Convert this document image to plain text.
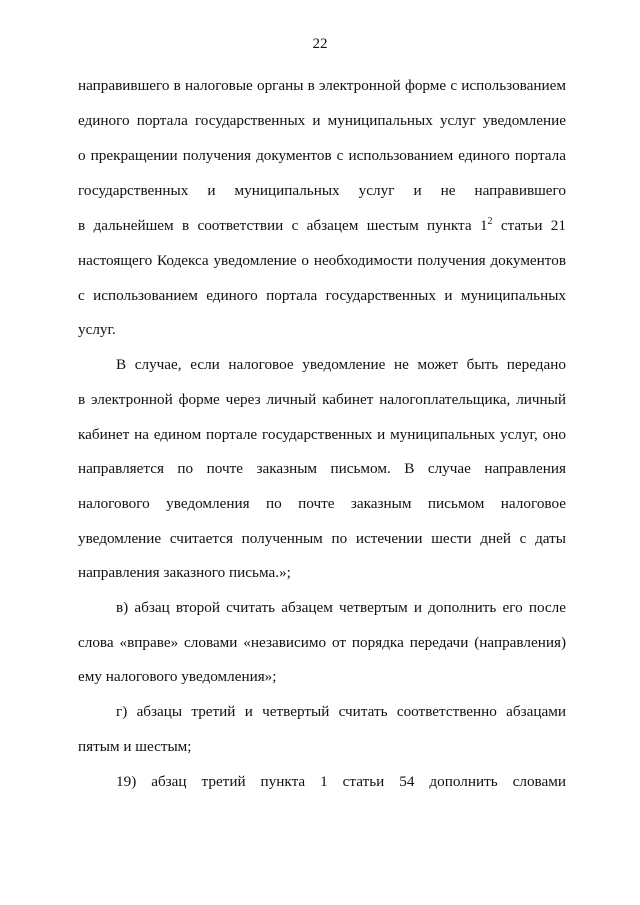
22
направившего в налоговые органы в электронной форме с использованием
единого портала государственных и муниципальных услуг уведомление
о прекращении получения документов с использованием единого портала
государственных и муниципальных услуг и не направившего
в дальнейшем в соответствии с абзацем шестым пункта $1^2$ статьи 21
настоящего Кодекса уведомление о необходимости получения документов
с использованием единого портала государственных и муниципальных
услуг.
В случае, если налоговое уведомление не может быть передано
в электронной форме через личный кабинет налогоплательщика, личный
кабинет на едином портале государственных и муниципальных услуг, оно
направляется по почте заказным письмом. В случае направления
налогового уведомления по почте заказным письмом налоговое
уведомление считается полученным по истечении шести дней с даты
направления заказного письма.»;
в) абзац второй считать абзацем четвертым и дополнить его после
слова «вправе» словами «независимо от порядка передачи (направления)
ему налогового уведомления»;
г) абзацы третий и четвертый считать соответственно абзацами
пятым и шестым;
19) абзац третий пункта 1 статьи 54 дополнить словами
